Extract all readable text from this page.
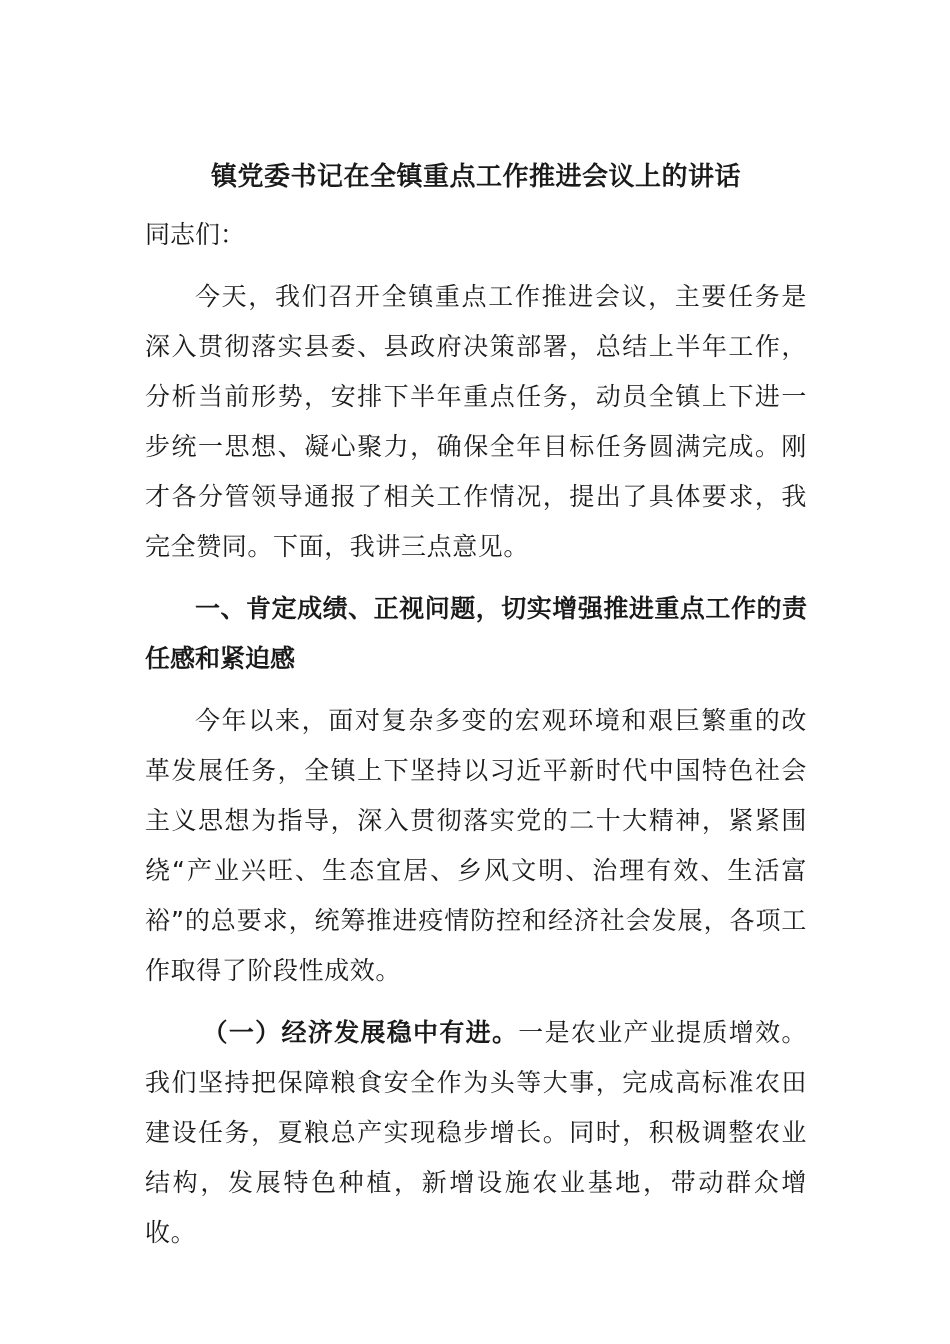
镇党委书记在全镇重点工作推进会议上的讲话
同志们：

今天，我们召开全镇重点工作推进会议，主要任务是深入贯彻落实县委、县政府决策部署，总结上半年工作，分析当前形势，安排下半年重点任务，动员全镇上下进一步统一思想、凝心聚力，确保全年目标任务圆满完成。刚才各分管领导通报了相关工作情况，提出了具体要求，我完全赞同。下面，我讲三点意见。

一、肯定成绩、正视问题，切实增强推进重点工作的责任感和紧迫感

今年以来，面对复杂多变的宏观环境和艰巨繁重的改革发展任务，全镇上下坚持以习近平新时代中国特色社会主义思想为指导，深入贯彻落实党的二十大精神，紧紧围绕“产业兴旺、生态宜居、乡风文明、治理有效、生活富裕”的总要求，统筹推进疫情防控和经济社会发展，各项工作取得了阶段性成效。

（一）经济发展稳中有进。一是农业产业提质增效。我们坚持把保障粮食安全作为头等大事，完成高标准农田建设任务，夏粮总产实现稳步增长。同时，积极调整农业结构，发展特色种植，新增设施农业基地，带动群众增收。
